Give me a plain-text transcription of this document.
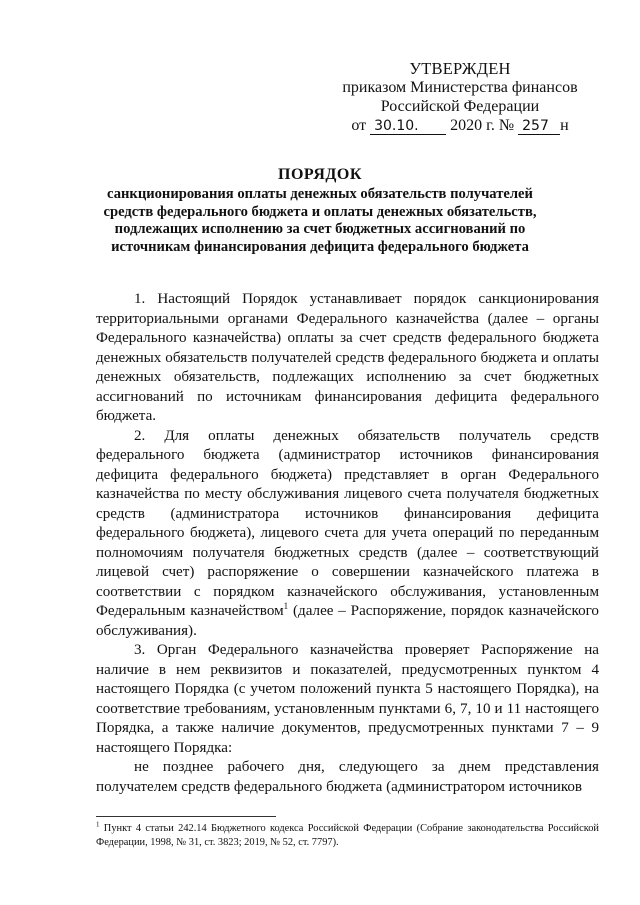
УТВЕРЖДЕН
приказом Министерства финансов
Российской Федерации
от 30.10. 2020 г. № 257 н
ПОРЯДОК
санкционирования оплаты денежных обязательств получателей средств федерального бюджета и оплаты денежных обязательств, подлежащих исполнению за счет бюджетных ассигнований по источникам финансирования дефицита федерального бюджета

1. Настоящий Порядок устанавливает порядок санкционирования территориальными органами Федерального казначейства (далее – органы Федерального казначейства) оплаты за счет средств федерального бюджета денежных обязательств получателей средств федерального бюджета и оплаты денежных обязательств, подлежащих исполнению за счет бюджетных ассигнований по источникам финансирования дефицита федерального бюджета.

2. Для оплаты денежных обязательств получатель средств федерального бюджета (администратор источников финансирования дефицита федерального бюджета) представляет в орган Федерального казначейства по месту обслуживания лицевого счета получателя бюджетных средств (администратора источников финансирования дефицита федерального бюджета), лицевого счета для учета операций по переданным полномочиям получателя бюджетных средств (далее – соответствующий лицевой счет) распоряжение о совершении казначейского платежа в соответствии с порядком казначейского обслуживания, установленным Федеральным казначейством$^1$ (далее – Распоряжение, порядок казначейского обслуживания).

3. Орган Федерального казначейства проверяет Распоряжение на наличие в нем реквизитов и показателей, предусмотренных пунктом 4 настоящего Порядка (с учетом положений пункта 5 настоящего Порядка), на соответствие требованиям, установленным пунктами 6, 7, 10 и 11 настоящего Порядка, а также наличие документов, предусмотренных пунктами 7 – 9 настоящего Порядка:

не позднее рабочего дня, следующего за днем представления получателем средств федерального бюджета (администратором источников

$^1$ Пункт 4 статьи 242.14 Бюджетного кодекса Российской Федерации (Собрание законодательства Российской Федерации, 1998, № 31, ст. 3823; 2019, № 52, ст. 7797).
